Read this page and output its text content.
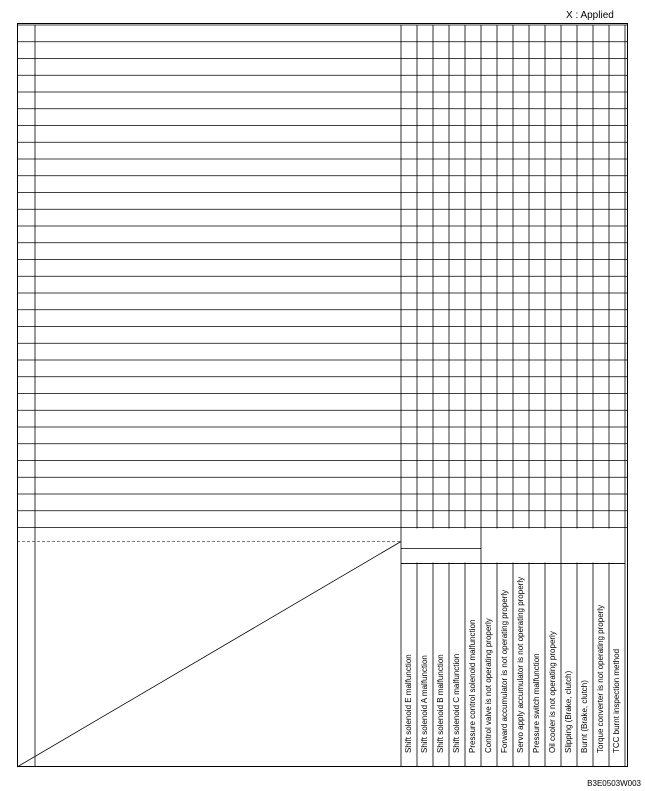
X : Applied
B3E0503W003
Shift solenoid E malfunction Shift solenoid A malfunction Shift solenoid B malfunction Shift solenoid C malfunction Pressure control solenoid malfunction Control valve is not operating properly Forward accumulator is not operating properly Servo apply accumulator is not operating properly Pressure switch malfunction Oil cooler is not operating properly Slipping (Brake, clutch) Burnt (Brake, clutch) Torque converter is not operating properly TCC burnt inspection method
